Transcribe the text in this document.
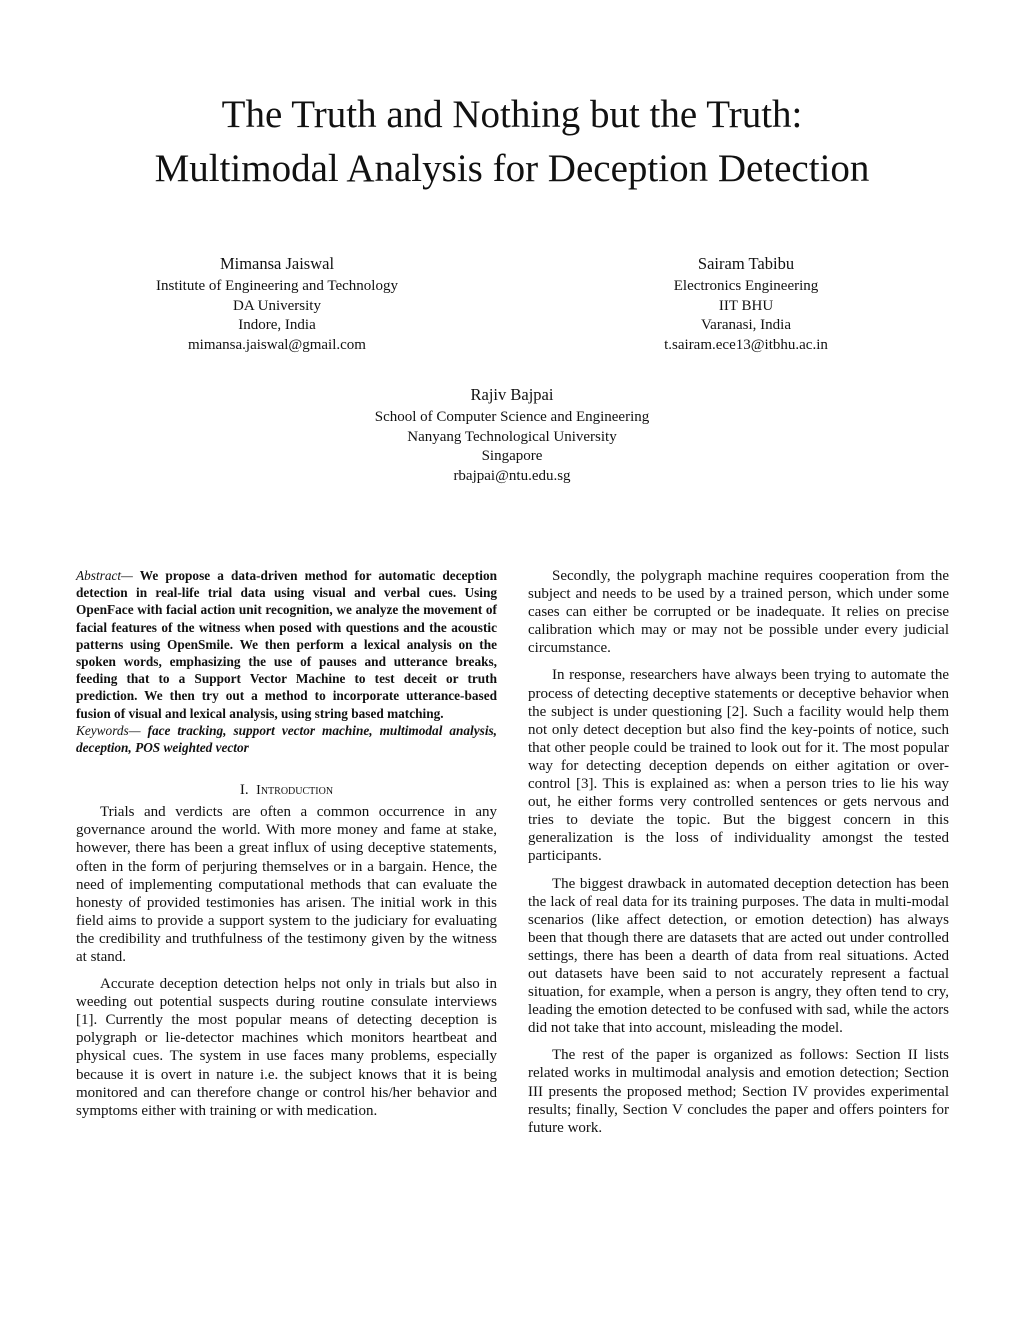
The Truth and Nothing but the Truth:
Multimodal Analysis for Deception Detection
Mimansa Jaiswal
Institute of Engineering and Technology
DA University
Indore, India
mimansa.jaiswal@gmail.com
Sairam Tabibu
Electronics Engineering
IIT BHU
Varanasi, India
t.sairam.ece13@itbhu.ac.in
Rajiv Bajpai
School of Computer Science and Engineering
Nanyang Technological University
Singapore
rbajpai@ntu.edu.sg

Abstract— We propose a data-driven method for automatic deception detection in real-life trial data using visual and verbal cues. Using OpenFace with facial action unit recognition, we analyze the movement of facial features of the witness when posed with questions and the acoustic patterns using OpenSmile. We then perform a lexical analysis on the spoken words, emphasizing the use of pauses and utterance breaks, feeding that to a Support Vector Machine to test deceit or truth prediction. We then try out a method to incorporate utterance-based fusion of visual and lexical analysis, using string based matching.

Keywords— face tracking, support vector machine, multimodal analysis, deception, POS weighted vector

I. Introduction

Trials and verdicts are often a common occurrence in any governance around the world. With more money and fame at stake, however, there has been a great influx of using deceptive statements, often in the form of perjuring themselves or in a bargain. Hence, the need of implementing computational methods that can evaluate the honesty of provided testimonies has arisen. The initial work in this field aims to provide a support system to the judiciary for evaluating the credibility and truthfulness of the testimony given by the witness at stand.

Accurate deception detection helps not only in trials but also in weeding out potential suspects during routine consulate interviews [1]. Currently the most popular means of detecting deception is polygraph or lie-detector machines which monitors heartbeat and physical cues. The system in use faces many problems, especially because it is overt in nature i.e. the subject knows that it is being monitored and can therefore change or control his/her behavior and symptoms either with training or with medication.

Secondly, the polygraph machine requires cooperation from the subject and needs to be used by a trained person, which under some cases can either be corrupted or be inadequate. It relies on precise calibration which may or may not be possible under every judicial circumstance.

In response, researchers have always been trying to automate the process of detecting deceptive statements or deceptive behavior when the subject is under questioning [2]. Such a facility would help them not only detect deception but also find the key-points of notice, such that other people could be trained to look out for it. The most popular way for detecting deception depends on either agitation or over-control [3]. This is explained as: when a person tries to lie his way out, he either forms very controlled sentences or gets nervous and tries to deviate the topic. But the biggest concern in this generalization is the loss of individuality amongst the tested participants.

The biggest drawback in automated deception detection has been the lack of real data for its training purposes. The data in multi-modal scenarios (like affect detection, or emotion detection) has always been that though there are datasets that are acted out under controlled settings, there has been a dearth of data from real situations. Acted out datasets have been said to not accurately represent a factual situation, for example, when a person is angry, they often tend to cry, leading the emotion detected to be confused with sad, while the actors did not take that into account, misleading the model.

The rest of the paper is organized as follows: Section II lists related works in multimodal analysis and emotion detection; Section III presents the proposed method; Section IV provides experimental results; finally, Section V concludes the paper and offers pointers for future work.
